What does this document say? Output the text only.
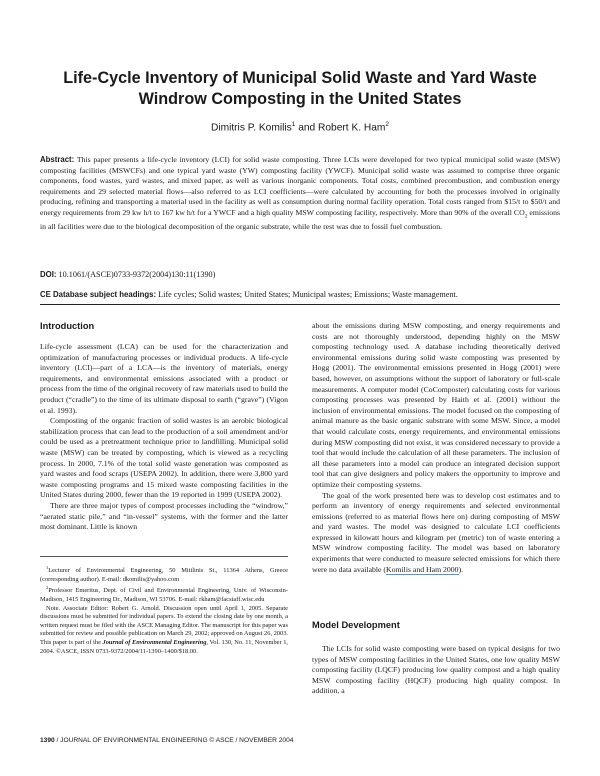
Life-Cycle Inventory of Municipal Solid Waste and Yard Waste Windrow Composting in the United States
Dimitris P. Komilis$^1$ and Robert K. Ham$^2$

Abstract: This paper presents a life-cycle inventory (LCI) for solid waste composting. Three LCIs were developed for two typical municipal solid waste (MSW) composting facilities (MSWCFs) and one typical yard waste (YW) composting facility (YWCF). Municipal solid waste was assumed to comprise three organic components, food wastes, yard wastes, and mixed paper, as well as various inorganic components. Total costs, combined precombustion, and combustion energy requirements and 29 selected material flows—also referred to as LCI coefficients—were calculated by accounting for both the processes involved in originally producing, refining and transporting a material used in the facility as well as consumption during normal facility operation. Total costs ranged from $15/t to $50/t and energy requirements from 29 kw h/t to 167 kw h/t for a YWCF and a high quality MSW composting facility, respectively. More than 90% of the overall $CO_2$ emissions in all facilities were due to the biological decomposition of the organic substrate, while the rest was due to fossil fuel combustion.

DOI: 10.1061/(ASCE)0733-9372(2004)130:11(1390)
CE Database subject headings: Life cycles; Solid wastes; United States; Municipal wastes; Emissions; Waste management.
Introduction

Life-cycle assessment (LCA) can be used for the characterization and optimization of manufacturing processes or individual products. A life-cycle inventory (LCI)—part of a LCA—is the inventory of materials, energy requirements, and environmental emissions associated with a product or process from the time of the original recovery of raw materials used to build the product (“cradle”) to the time of its ultimate disposal to earth (“grave”) (Vigon et al. 1993).

Composting of the organic fraction of solid wastes is an aerobic biological stabilization process that can lead to the production of a soil amendment and/or could be used as a pretreatment technique prior to landfilling. Municipal solid waste (MSW) can be treated by composting, which is viewed as a recycling process. In 2000, 7.1% of the total solid waste generation was composted as yard wastes and food scraps (USEPA 2002). In addition, there were 3,800 yard waste composting programs and 15 mixed waste composting facilities in the United States during 2000, fewer than the 19 reported in 1999 (USEPA 2002).

There are three major types of compost processes including the “windrow,” “aerated static pile,” and “in-vessel” systems, with the former and the latter most dominant. Little is known

$^1$Lecturer of Environmental Engineering, 50 Mitilinis St., 11364 Athens, Greece (corresponding author). E-mail: dkomilis@yahoo.com

$^2$Professor Emeritus, Dept. of Civil and Environmental Engineering, Univ. of Wisconsin-Madison, 1415 Engineering Dr., Madison, WI 53706. E-mail: rkham@facstaff.wisc.edu

Note. Associate Editor: Robert G. Arnold. Discussion open until April 1, 2005. Separate discussions must be submitted for individual papers. To extend the closing date by one month, a written request must be filed with the ASCE Managing Editor. The manuscript for this paper was submitted for review and possible publication on March 29, 2002; approved on August 26, 2003. This paper is part of the Journal of Environmental Engineering, Vol. 130, No. 11, November 1, 2004. ©ASCE, ISSN 0733-9372/2004/11-1390–1400/$18.00.

about the emissions during MSW composting, and energy requirements and costs are not thoroughly understood, depending highly on the MSW composting technology used. A database including theoretically derived environmental emissions during solid waste composting was presented by Hogg (2001). The environmental emissions presented in Hogg (2001) were based, however, on assumptions without the support of laboratory or full-scale measurements. A computer model (CoComposter) calculating costs for various composting processes was presented by Haith et al. (2001) without the inclusion of environmental emissions. The model focused on the composting of animal manure as the basic organic substrate with some MSW. Since, a model that would calculate costs, energy requirements, and environmental emissions during MSW composting did not exist, it was considered necessary to provide a tool that would include the calculation of all these parameters. The inclusion of all these parameters into a model can produce an integrated decision support tool that can give designers and policy makers the opportunity to improve and optimize their composting systems.

The goal of the work presented here was to develop cost estimates and to perform an inventory of energy requirements and selected environmental emissions (referred to as material flows here on) during composting of MSW and yard wastes. The model was designed to calculate LCI coefficients expressed in kilowatt hours and kilogram per (metric) ton of waste entering a MSW windrow composting facility. The model was based on laboratory experiments that were conducted to measure selected emissions for which there were no data available (Komilis and Ham 2000).

Model Development

The LCIs for solid waste composting were based on typical designs for two types of MSW composting facilities in the United States, one low quality MSW composting facility (LQCF) producing low quality compost and a high quality MSW composting facility (HQCF) producing high quality compost. In addition, a

1390 / JOURNAL OF ENVIRONMENTAL ENGINEERING © ASCE / NOVEMBER 2004
